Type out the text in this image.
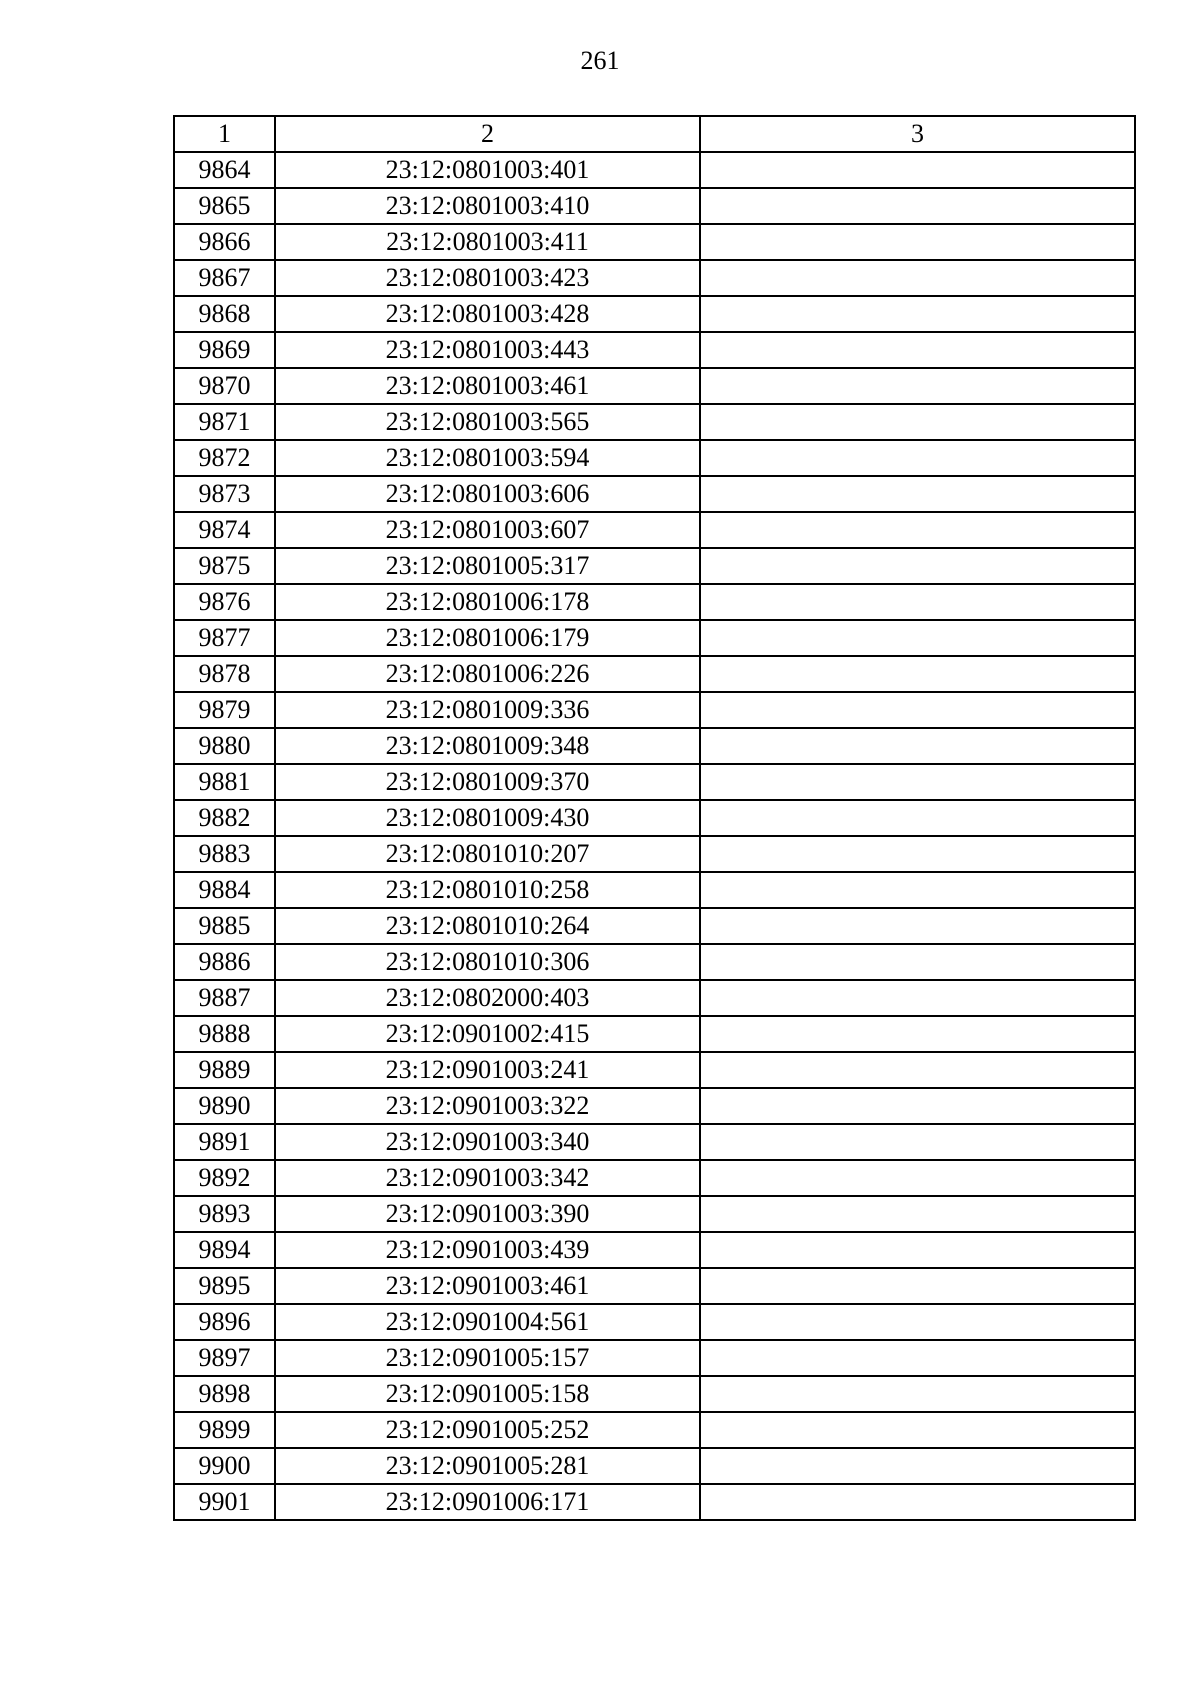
261
1	2	3
9864	23:12:0801003:401	
9865	23:12:0801003:410	
9866	23:12:0801003:411	
9867	23:12:0801003:423	
9868	23:12:0801003:428	
9869	23:12:0801003:443	
9870	23:12:0801003:461	
9871	23:12:0801003:565	
9872	23:12:0801003:594	
9873	23:12:0801003:606	
9874	23:12:0801003:607	
9875	23:12:0801005:317	
9876	23:12:0801006:178	
9877	23:12:0801006:179	
9878	23:12:0801006:226	
9879	23:12:0801009:336	
9880	23:12:0801009:348	
9881	23:12:0801009:370	
9882	23:12:0801009:430	
9883	23:12:0801010:207	
9884	23:12:0801010:258	
9885	23:12:0801010:264	
9886	23:12:0801010:306	
9887	23:12:0802000:403	
9888	23:12:0901002:415	
9889	23:12:0901003:241	
9890	23:12:0901003:322	
9891	23:12:0901003:340	
9892	23:12:0901003:342	
9893	23:12:0901003:390	
9894	23:12:0901003:439	
9895	23:12:0901003:461	
9896	23:12:0901004:561	
9897	23:12:0901005:157	
9898	23:12:0901005:158	
9899	23:12:0901005:252	
9900	23:12:0901005:281	
9901	23:12:0901006:171	
